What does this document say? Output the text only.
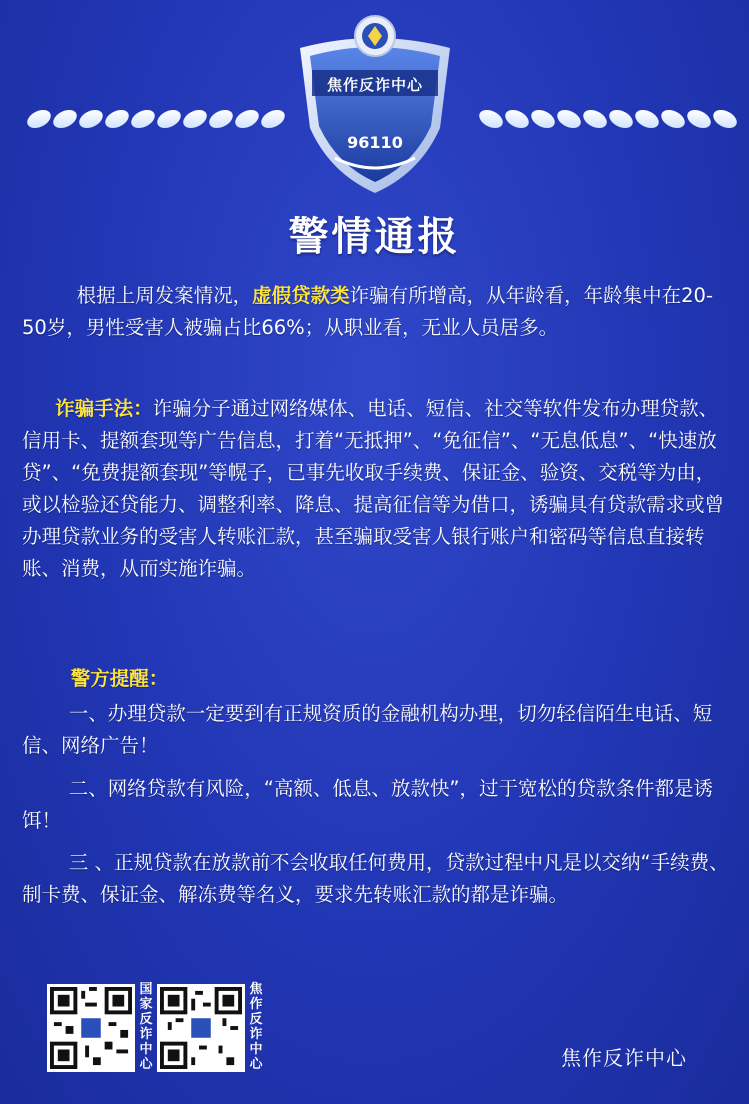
96110
焦作反诈中心
警情通报
根据上周发案情况，虚假贷款类诈骗有所增高，从年龄看，年龄集中在20-50岁，男性受害人被骗占比66%；从职业看，无业人员居多。
诈骗手法：诈骗分子通过网络媒体、电话、短信、社交等软件发布办理贷款、信用卡、提额套现等广告信息，打着“无抵押”、“免征信”、“无息低息”、“快速放贷”、“免费提额套现”等幌子，已事先收取手续费、保证金、验资、交税等为由，或以检验还贷能力、调整利率、降息、提高征信等为借口，诱骗具有贷款需求或曾办理贷款业务的受害人转账汇款，甚至骗取受害人银行账户和密码等信息直接转账、消费，从而实施诈骗。
警方提醒：
一、办理贷款一定要到有正规资质的金融机构办理，切勿轻信陌生电话、短信、网络广告！
二、网络贷款有风险，“高额、低息、放款快”，过于宽松的贷款条件都是诱饵！
三 、正规贷款在放款前不会收取任何费用，贷款过程中凡是以交纳“手续费、制卡费、保证金、解冻费等名义，要求先转账汇款的都是诈骗。
国
家
反
诈
中
心
焦
作
反
诈
中
心	焦作反诈中心
